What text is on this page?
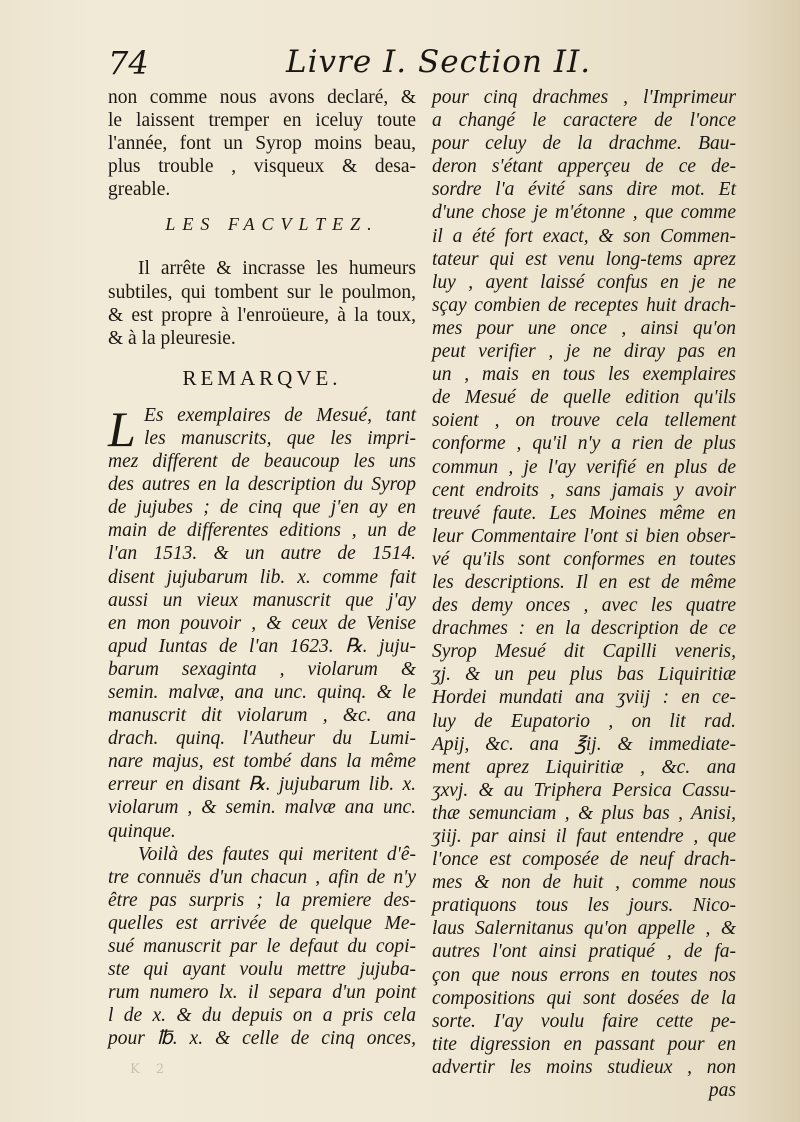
74	Livre I. Section II.
non comme nous avons declaré, &
le laissent tremper en iceluy toute
l'année, font un Syrop moins beau,
plus trouble , visqueux & desa-
greable.
LES FACVLTEZ.
Il arrête & incrasse les humeurs
subtiles, qui tombent sur le poulmon,
& est propre à l'enroüeure, à la toux,
& à la pleuresie.
REMARQVE.
L Es exemplaires de Mesué, tant
les manuscrits, que les impri-
mez different de beaucoup les uns
des autres en la description du Syrop
de jujubes ; de cinq que j'en ay en
main de differentes editions , un de
l'an 1513. & un autre de 1514.
disent jujubarum lib. x. comme fait
aussi un vieux manuscrit que j'ay
en mon pouvoir , & ceux de Venise
apud Iuntas de l'an 1623. ℞. juju-
barum sexaginta , violarum &
semin. malvæ, ana unc. quinq. & le
manuscrit dit violarum , &c. ana
drach. quinq. l'Autheur du Lumi-
nare majus, est tombé dans la même
erreur en disant ℞. jujubarum lib. x.
violarum , & semin. malvæ ana unc.
quinque.
Voilà des fautes qui meritent d'ê-
tre connuës d'un chacun , afin de n'y
être pas surpris ; la premiere des-
quelles est arrivée de quelque Me-
sué manuscrit par le defaut du copi-
ste qui ayant voulu mettre jujuba-
rum numero lx. il separa d'un point
l de x. & du depuis on a pris cela
pour ℔. x. & celle de cinq onces,
pour cinq drachmes , l'Imprimeur
a changé le caractere de l'once
pour celuy de la drachme. Bau-
deron s'étant apperçeu de ce de-
sordre l'a évité sans dire mot. Et
d'une chose je m'étonne , que comme
il a été fort exact, & son Commen-
tateur qui est venu long-tems aprez
luy , ayent laissé confus en je ne
sçay combien de receptes huit drach-
mes pour une once , ainsi qu'on
peut verifier , je ne diray pas en
un , mais en tous les exemplaires
de Mesué de quelle edition qu'ils
soient , on trouve cela tellement
conforme , qu'il n'y a rien de plus
commun , je l'ay verifié en plus de
cent endroits , sans jamais y avoir
treuvé faute. Les Moines même en
leur Commentaire l'ont si bien obser-
vé qu'ils sont conformes en toutes
les descriptions. Il en est de même
des demy onces , avec les quatre
drachmes : en la description de ce
Syrop Mesué dit Capilli veneris,
ʒj. & un peu plus bas Liquiritiæ
Hordei mundati ana ʒviij : en ce-
luy de Eupatorio , on lit rad.
Apij, &c. ana ℥ij. & immediate-
ment aprez Liquiritiæ , &c. ana
ʒxvj. & au Triphera Persica Cassu-
thæ semunciam , & plus bas , Anisi,
ʒiij. par ainsi il faut entendre , que
l'once est composée de neuf drach-
mes & non de huit , comme nous
pratiquons tous les jours. Nico-
laus Salernitanus qu'on appelle , &
autres l'ont ainsi pratiqué , de fa-
çon que nous errons en toutes nos
compositions qui sont dosées de la
sorte. I'ay voulu faire cette pe-
tite digression en passant pour en
advertir les moins studieux , non
pas
K 2
